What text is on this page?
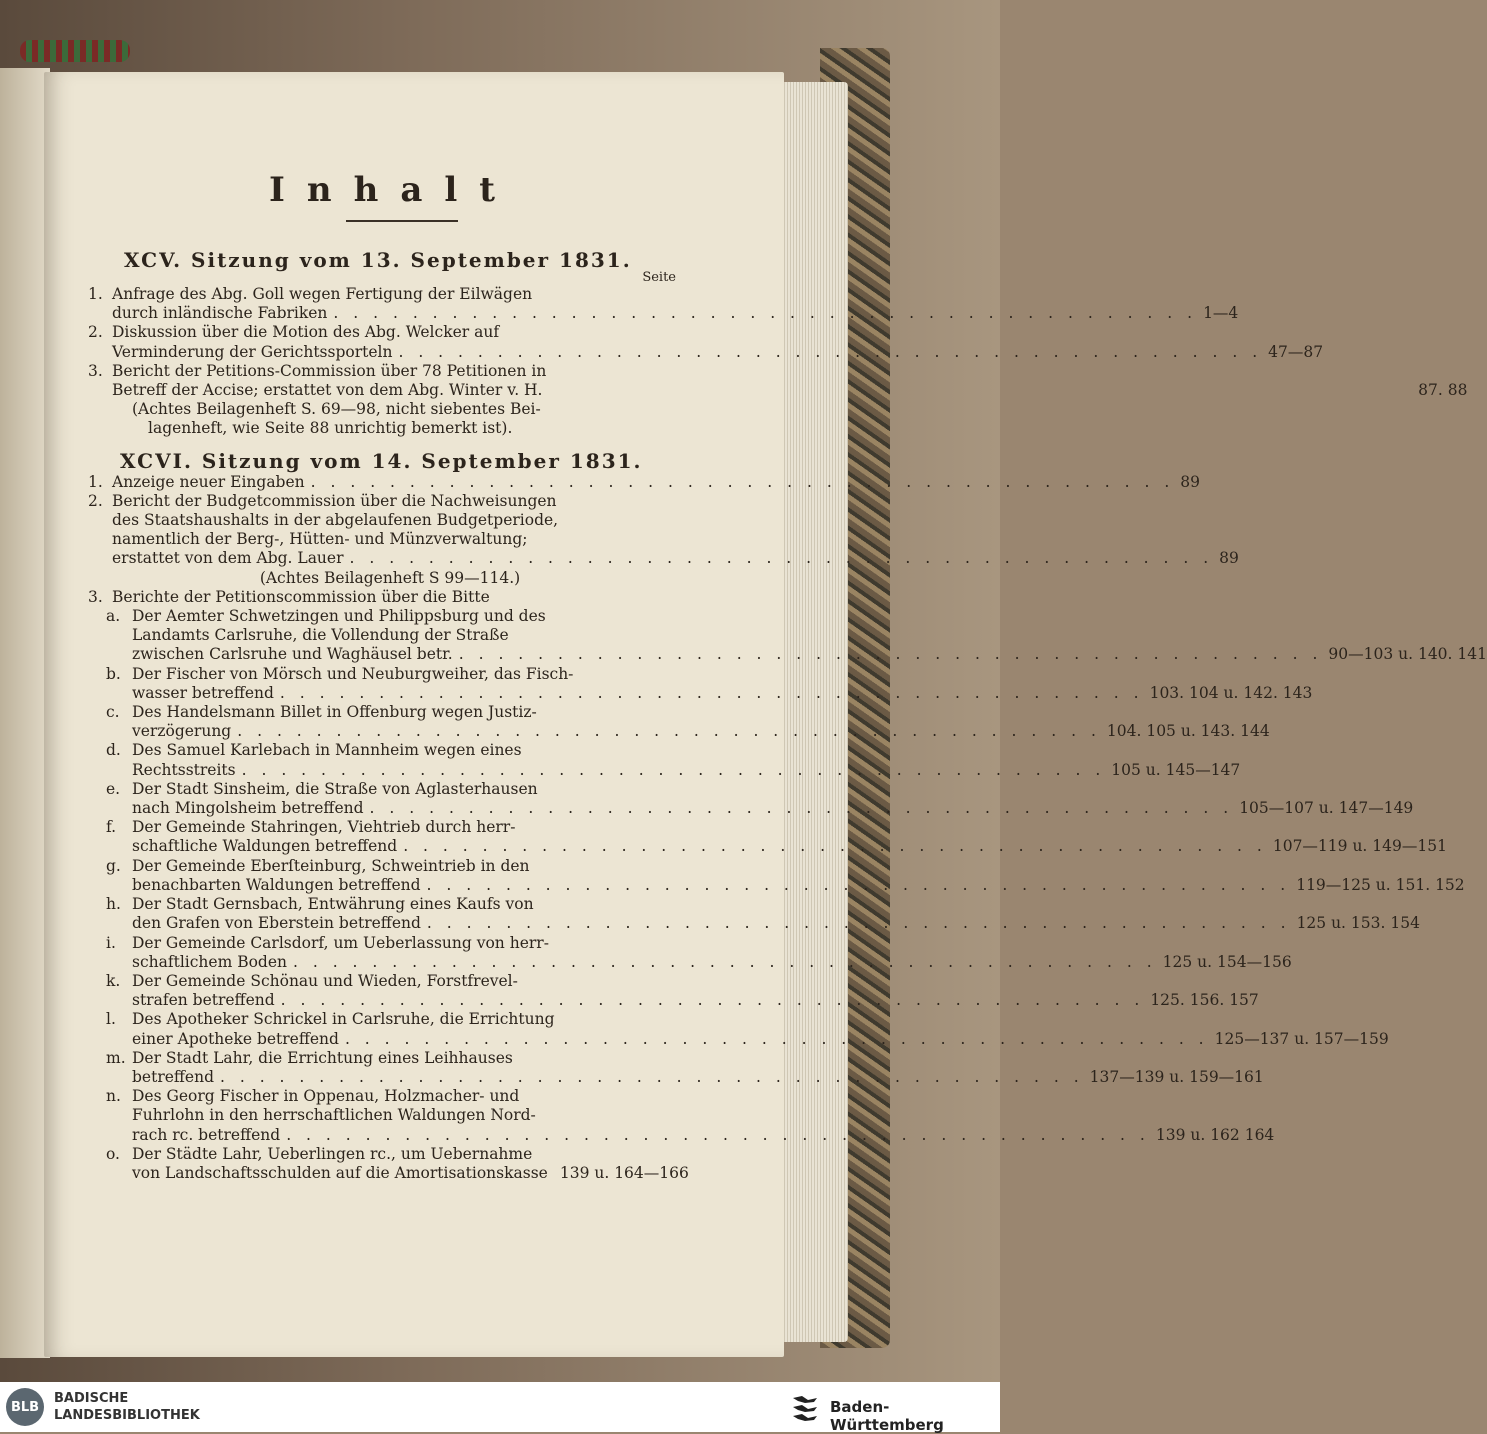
Inhalt
XCV. Sitzung vom 13. September 1831.
Seite
1. Anfrage des Abg. Goll wegen Fertigung der Eilwägen
durch inländische Fabriken . . .	1—4
2. Diskussion über die Motion des Abg. Welcker auf
Verminderung der Gerichtssporteln . . .	47—87
3. Bericht der Petitions-Commission über 78 Petitionen in
Betreff der Accise; erstattet von dem Abg. Winter v. H.	87. 88
(Achtes Beilagenheft S. 69—98, nicht siebentes Bei-
lagenheft, wie Seite 88 unrichtig bemerkt ist).
XCVI. Sitzung vom 14. September 1831.
1. Anzeige neuer Eingaben . . .	89
2. Bericht der Budgetcommission über die Nachweisungen
des Staatshaushalts in der abgelaufenen Budgetperiode,
namentlich der Berg-, Hütten- und Münzverwaltung;
erstattet von dem Abg. Lauer . . .	89
(Achtes Beilagenheft S 99—114.)
3. Berichte der Petitionscommission über die Bitte
a. Der Aemter Schwetzingen und Philippsburg und des
Landamts Carlsruhe, die Vollendung der Straße
zwischen Carlsruhe und Waghäusel betr. . . .	90—103 u. 140. 141
b. Der Fischer von Mörsch und Neuburgweiher, das Fisch-
wasser betreffend . . .	103. 104 u. 142. 143
c. Des Handelsmann Billet in Offenburg wegen Justiz-
verzögerung . . .	104. 105 u. 143. 144
d. Des Samuel Karlebach in Mannheim wegen eines
Rechtsstreits . . .	105 u. 145—147
e. Der Stadt Sinsheim, die Straße von Aglasterhausen
nach Mingolsheim betreffend . . .	105—107 u. 147—149
f.	Der Gemeinde Stahringen, Viehtrieb durch herr-
schaftliche Waldungen betreffend . . .	107—119 u. 149—151
g. Der Gemeinde Eberſteinburg, Schweintrieb in den
benachbarten Waldungen betreffend . . .	119—125 u. 151. 152
h. Der Stadt Gernsbach, Entwährung eines Kaufs von
den Grafen von Eberstein betreffend . . .	125 u. 153. 154
i.	Der Gemeinde Carlsdorf, um Ueberlassung von herr-
schaftlichem Boden . . .	125 u. 154—156
k. Der Gemeinde Schönau und Wieden, Forstfrevel-
strafen betreffend . . .	125. 156. 157
l.	Des Apotheker Schrickel in Carlsruhe, die Errichtung
einer Apotheke betreffend . . .	125—137 u. 157—159
m. Der Stadt Lahr, die Errichtung eines Leihhauses
betreffend . . .	137—139 u. 159—161
n. Des Georg Fischer in Oppenau, Holzmacher- und
Fuhrlohn in den herrschaftlichen Waldungen Nord-
rach rc. betreffend . . .	139 u. 162 164
o. Der Städte Lahr, Ueberlingen rc., um Uebernahme
von Landschaftsschulden auf die Amortisationskasse 139 u. 164—166
BLB
BADISCHE
LANDESBIBLIOTHEK	Baden-Württemberg
